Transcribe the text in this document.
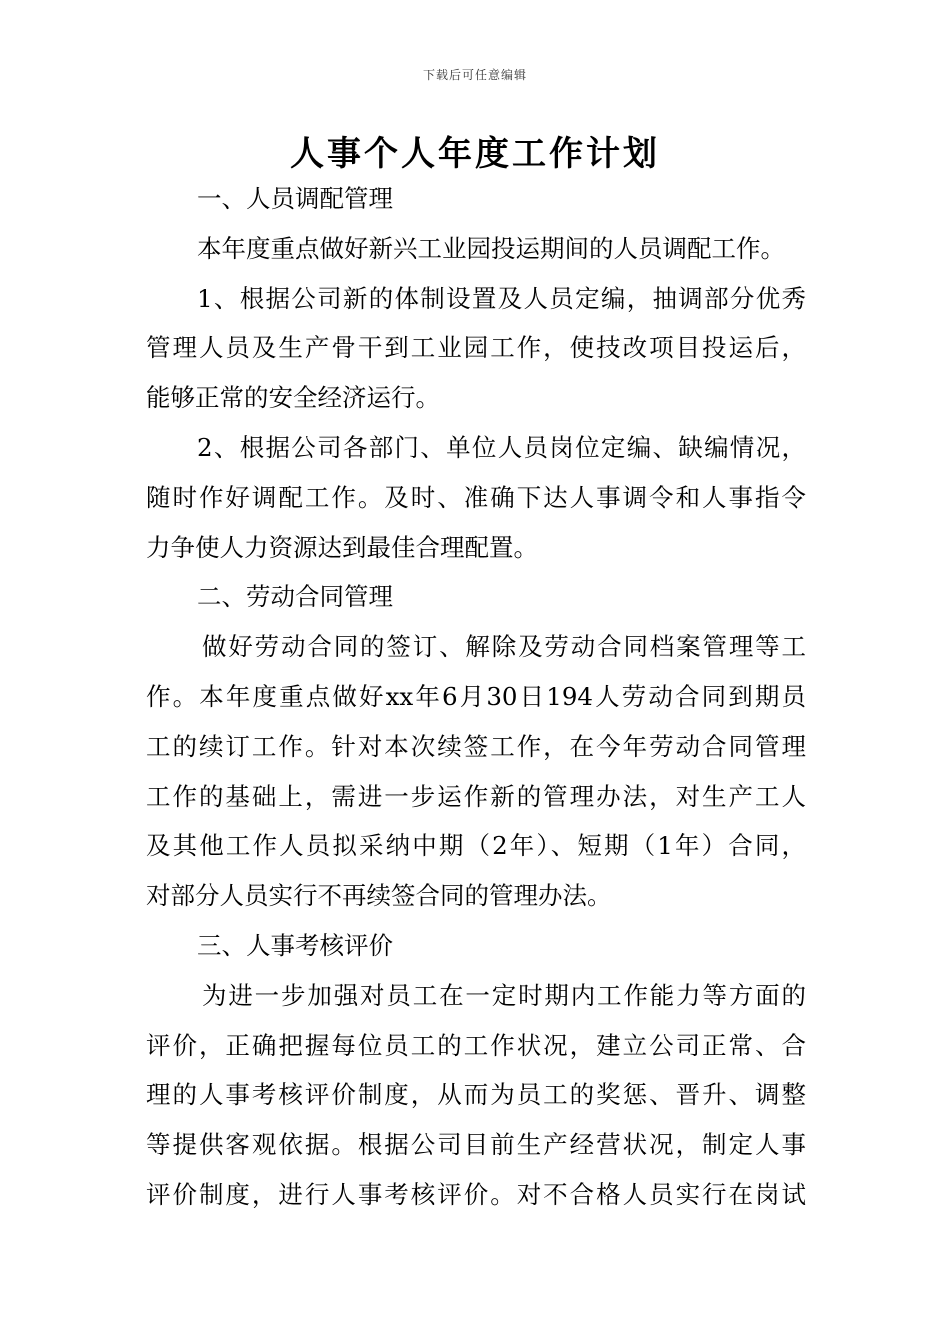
下载后可任意编辑
人事个人年度工作计划
一、人员调配管理
本年度重点做好新兴工业园投运期间的人员调配工作。
1、根据公司新的体制设置及人员定编，抽调部分优秀
管理人员及生产骨干到工业园工作，使技改项目投运后，
能够正常的安全经济运行。
2、根据公司各部门、单位人员岗位定编、缺编情况，
随时作好调配工作。及时、准确下达人事调令和人事指令
力争使人力资源达到最佳合理配置。
二、劳动合同管理
做好劳动合同的签订、解除及劳动合同档案管理等工
作。本年度重点做好xx年6月30日194人劳动合同到期员
工的续订工作。针对本次续签工作，在今年劳动合同管理
工作的基础上，需进一步运作新的管理办法，对生产工人
及其他工作人员拟采纳中期（2年）、短期（1年）合同，
对部分人员实行不再续签合同的管理办法。
三、人事考核评价
为进一步加强对员工在一定时期内工作能力等方面的
评价，正确把握每位员工的工作状况，建立公司正常、合
理的人事考核评价制度，从而为员工的奖惩、晋升、调整
等提供客观依据。根据公司目前生产经营状况，制定人事
评价制度，进行人事考核评价。对不合格人员实行在岗试
